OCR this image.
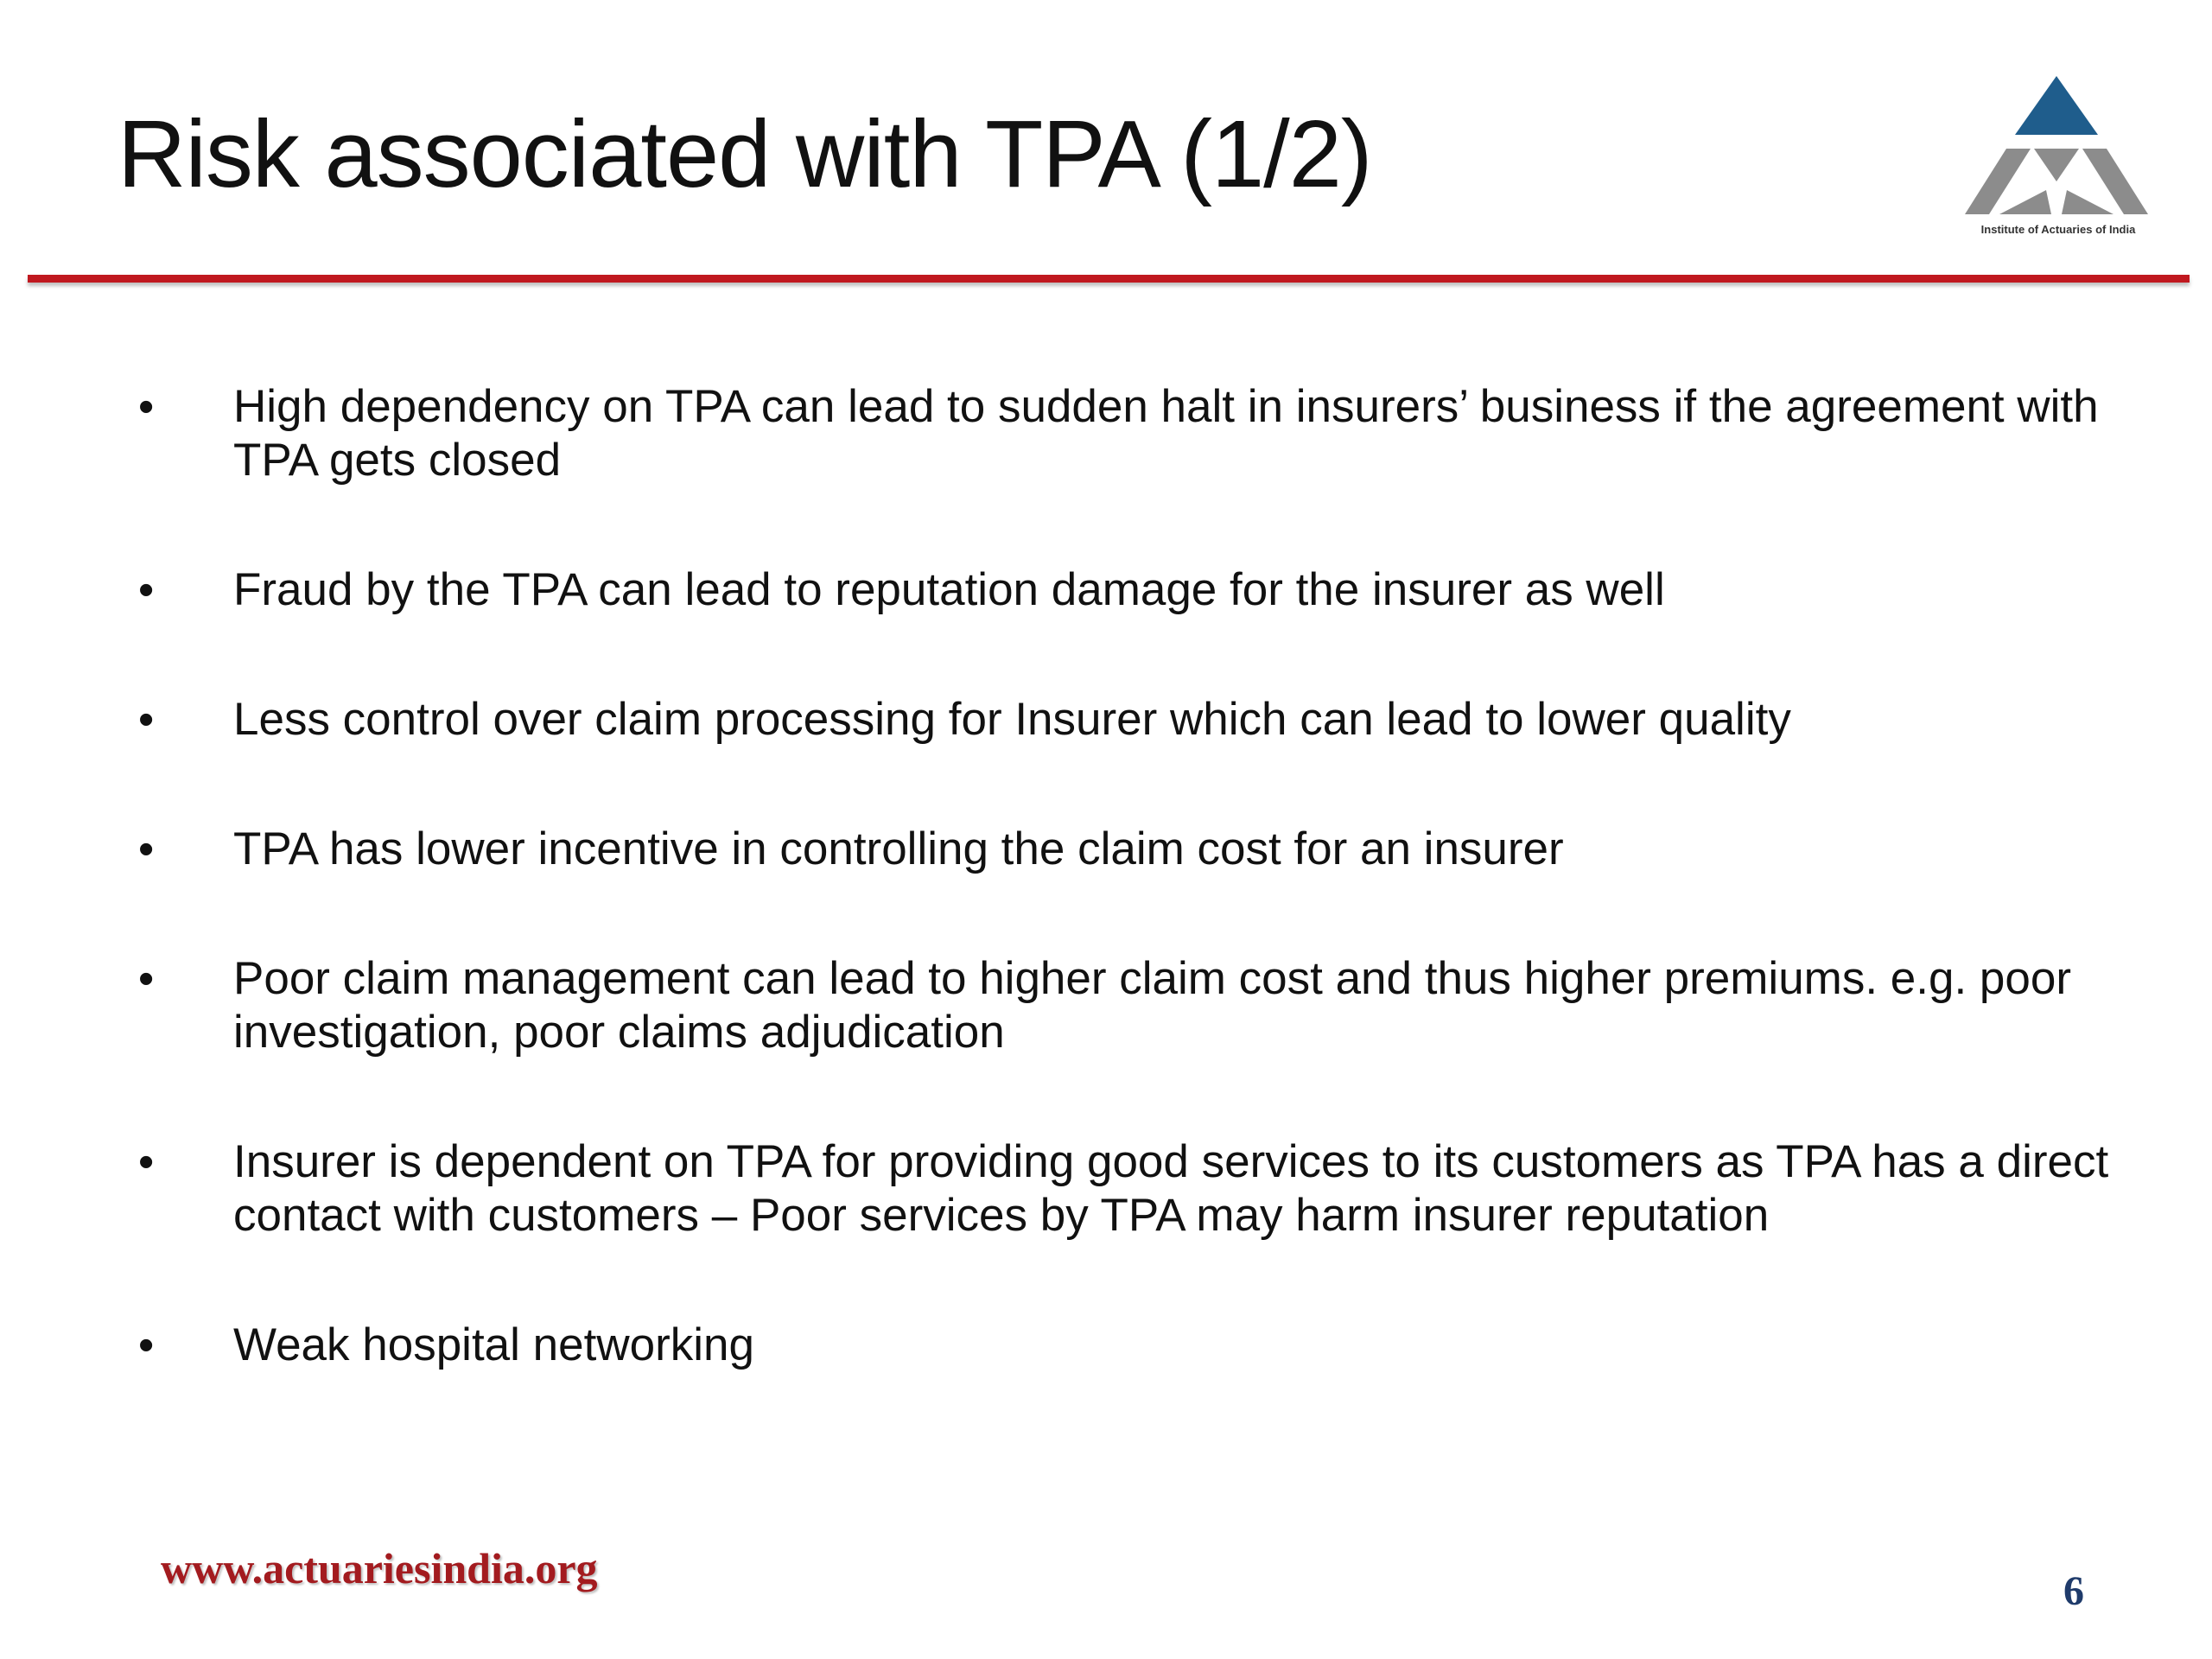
Risk associated with TPA (1/2)
Institute of Actuaries of India
•	High dependency on TPA can lead to sudden halt in insurers’ business if the agreement with TPA gets closed
•	Fraud by the TPA can lead to reputation damage for the insurer as well
•	Less control over claim processing for Insurer which can lead to lower quality
•	TPA has lower incentive in controlling the claim cost for an insurer
•	Poor claim management can lead to higher claim cost and thus higher premiums. e.g. poor investigation, poor claims adjudication
•	Insurer is dependent on TPA for providing good services to its customers as TPA has a direct contact with customers – Poor services by TPA may harm insurer reputation
•	Weak hospital networking
www.actuariesindia.org	6
